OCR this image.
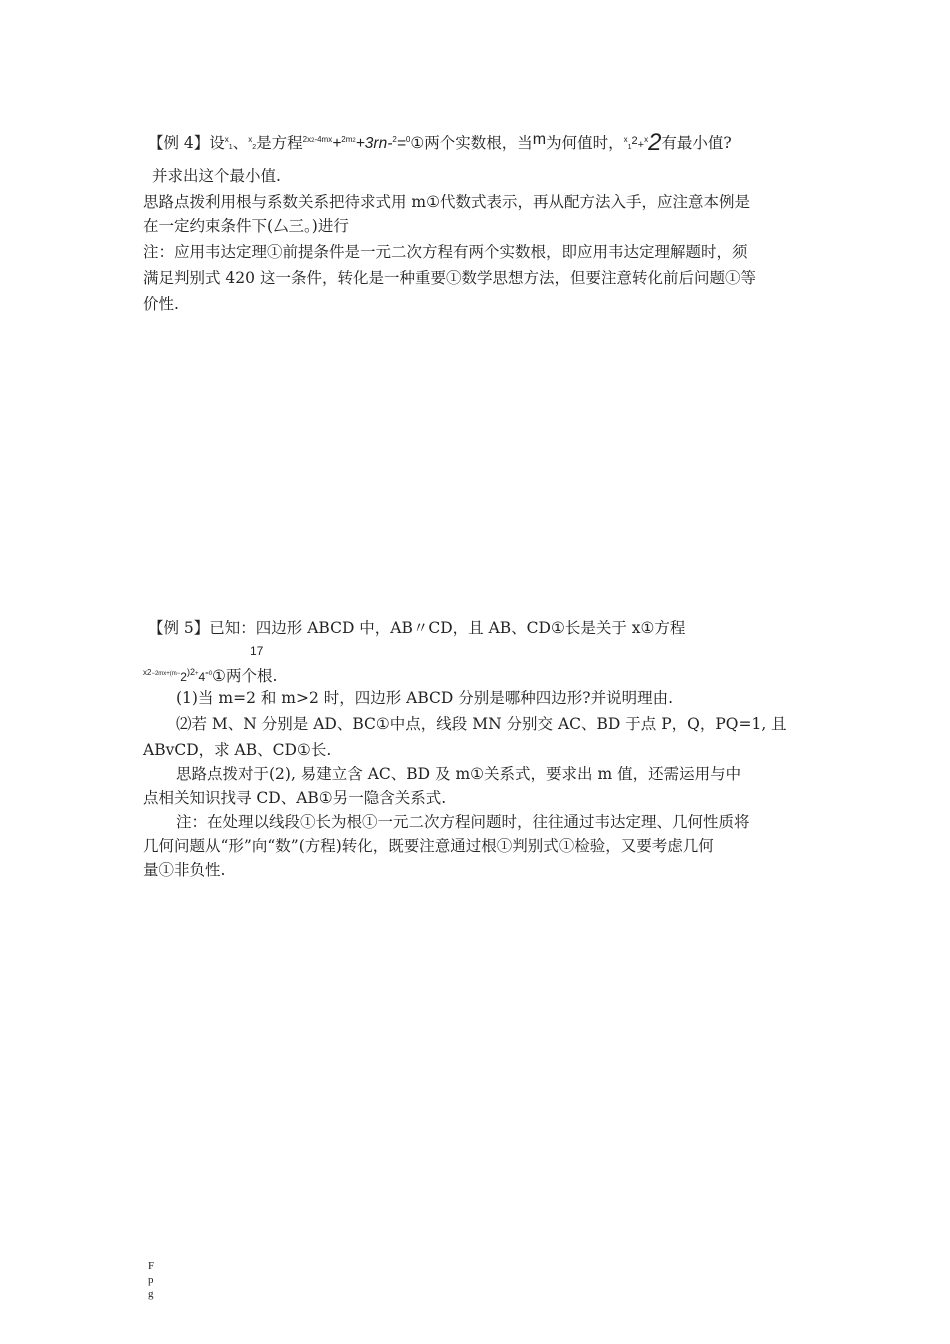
【例 4】设$^x$1、$^x$2是方程$^{2x2-4mx}$+$^{2m2}$+3rn-$^2$=$^0$①两个实数根，当m为何值时，$^x1^2+^x2$有最小值?
并求出这个最小值.
思路点拨利用根与系数关系把待求式用 m①代数式表示，再从配方法入手，应注意本例是
在一定约束条件下(厶三。)进行
注：应用韦达定理①前提条件是一元二次方程有两个实数根，即应用韦达定理解题时，须
满足判别式 420 这一条件，转化是一种重要①数学思想方法，但要注意转化前后问题①等
价性.
【例 5】已知：四边形 ABCD 中，AB〃CD，且 AB、CD①长是关于 x①方程
17
$^{x2-2mx+(m-}2^{)2+}4^{=0}①$两个根.
(1)当 m=2 和 m>2 时，四边形 ABCD 分别是哪种四边形?并说明理由.
⑵若 M、N 分别是 AD、BC①中点，线段 MN 分别交 AC、BD 于点 P，Q，PQ=1, 且
ABvCD，求 AB、CD①长.
思路点拨对于(2), 易建立含 AC、BD 及 m①关系式，要求出 m 值，还需运用与中
点相关知识找寻 CD、AB①另一隐含关系式.
注：在处理以线段①长为根①一元二次方程问题时，往往通过韦达定理、几何性质将
几何问题从“形”向“数”(方程)转化，既要注意通过根①判别式①检验，又要考虑几何
量①非负性.
F
p
g
